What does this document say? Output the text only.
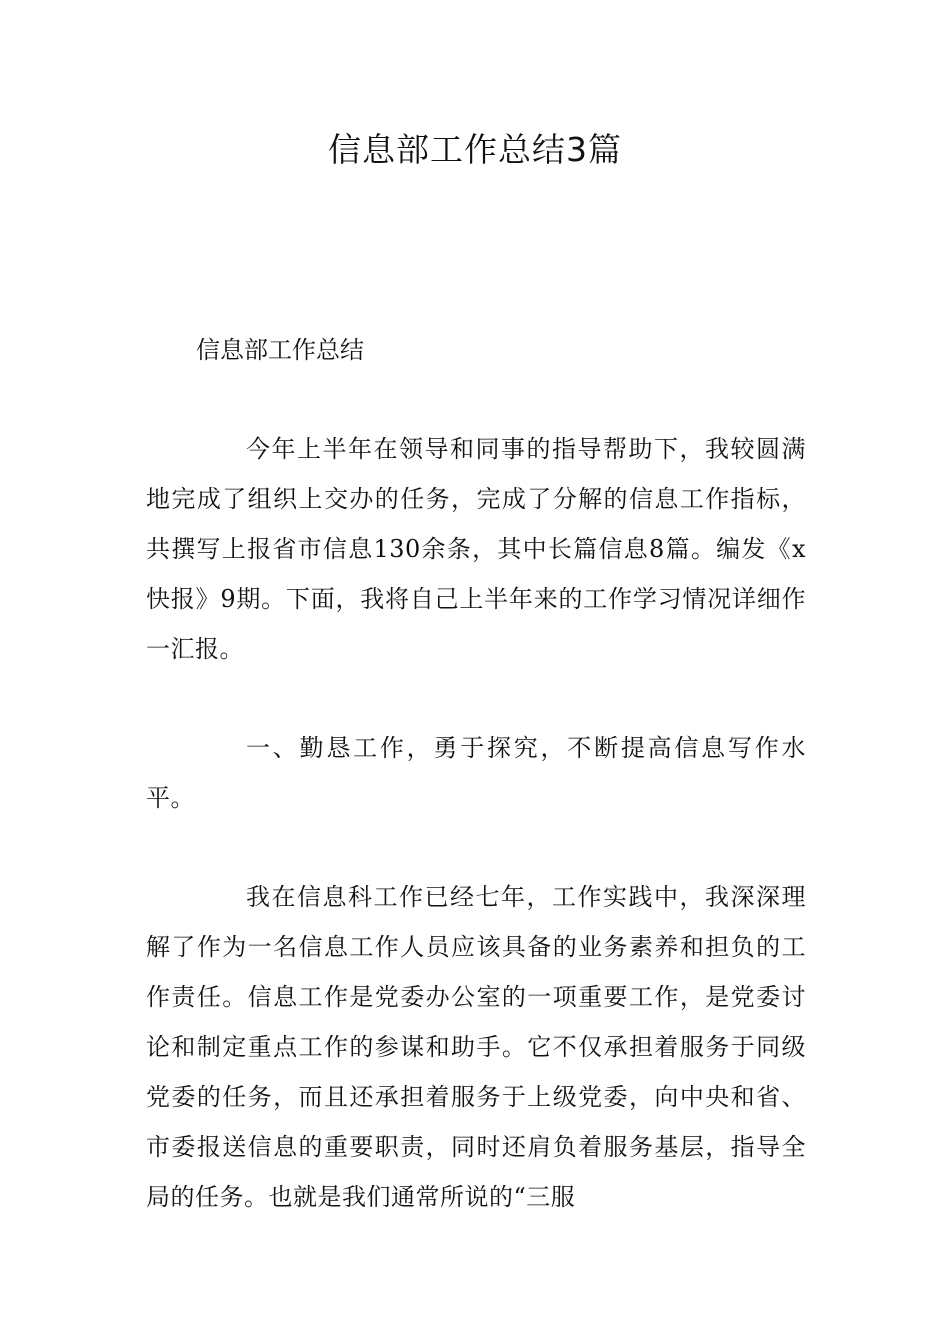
信息部工作总结3篇

信息部工作总结

今年上半年在领导和同事的指导帮助下，我较圆满地完成了组织上交办的任务，完成了分解的信息工作指标，共撰写上报省市信息130余条，其中长篇信息8篇。编发《x快报》9期。下面，我将自己上半年来的工作学习情况详细作一汇报。

一、勤恳工作，勇于探究，不断提高信息写作水平。

我在信息科工作已经七年，工作实践中，我深深理解了作为一名信息工作人员应该具备的业务素养和担负的工作责任。信息工作是党委办公室的一项重要工作，是党委讨论和制定重点工作的参谋和助手。它不仅承担着服务于同级党委的任务，而且还承担着服务于上级党委，向中央和省、市委报送信息的重要职责，同时还肩负着服务基层，指导全局的任务。也就是我们通常所说的“三服
